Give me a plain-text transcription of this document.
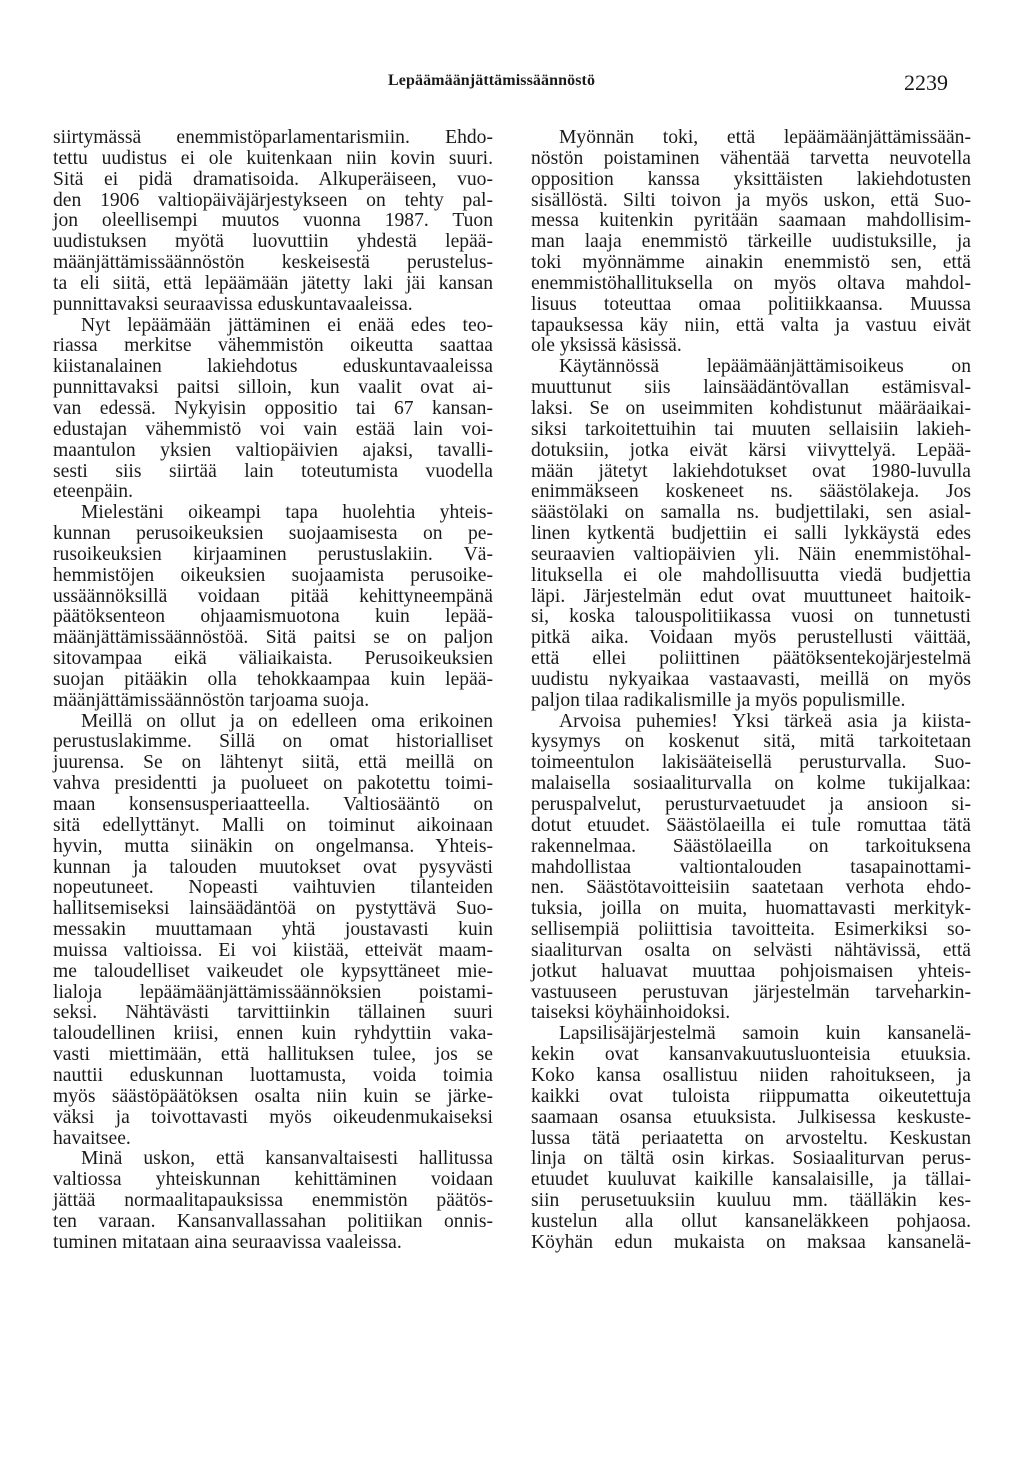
Lepäämäänjättämissäännöstö	2239
siirtymässä enemmistöparlamentarismiin. Ehdo-
tettu uudistus ei ole kuitenkaan niin kovin suuri.
Sitä ei pidä dramatisoida. Alkuperäiseen, vuo-
den 1906 valtiopäiväjärjestykseen on tehty pal-
jon oleellisempi muutos vuonna 1987. Tuon
uudistuksen myötä luovuttiin yhdestä lepää-
määnjättämissäännöstön keskeisestä perustelus-
ta eli siitä, että lepäämään jätetty laki jäi kansan
punnittavaksi seuraavissa eduskuntavaaleissa.
Nyt lepäämään jättäminen ei enää edes teo-
riassa merkitse vähemmistön oikeutta saattaa
kiistanalainen lakiehdotus eduskuntavaaleissa
punnittavaksi paitsi silloin, kun vaalit ovat ai-
van edessä. Nykyisin oppositio tai 67 kansan-
edustajan vähemmistö voi vain estää lain voi-
maantulon yksien valtiopäivien ajaksi, tavalli-
sesti siis siirtää lain toteutumista vuodella
eteenpäin.
Mielestäni oikeampi tapa huolehtia yhteis-
kunnan perusoikeuksien suojaamisesta on pe-
rusoikeuksien kirjaaminen perustuslakiin. Vä-
hemmistöjen oikeuksien suojaamista perusoike-
ussäännöksillä voidaan pitää kehittyneempänä
päätöksenteon ohjaamismuotona kuin lepää-
määnjättämissäännöstöä. Sitä paitsi se on paljon
sitovampaa eikä väliaikaista. Perusoikeuksien
suojan pitääkin olla tehokkaampaa kuin lepää-
määnjättämissäännöstön tarjoama suoja.
Meillä on ollut ja on edelleen oma erikoinen
perustuslakimme. Sillä on omat historialliset
juurensa. Se on lähtenyt siitä, että meillä on
vahva presidentti ja puolueet on pakotettu toimi-
maan konsensusperiaatteella. Valtiosääntö on
sitä edellyttänyt. Malli on toiminut aikoinaan
hyvin, mutta siinäkin on ongelmansa. Yhteis-
kunnan ja talouden muutokset ovat pysyvästi
nopeutuneet. Nopeasti vaihtuvien tilanteiden
hallitsemiseksi lainsäädäntöä on pystyttävä Suo-
messakin muuttamaan yhtä joustavasti kuin
muissa valtioissa. Ei voi kiistää, etteivät maam-
me taloudelliset vaikeudet ole kypsyttäneet mie-
lialoja lepäämäänjättämissäännöksien poistami-
seksi. Nähtävästi tarvittiinkin tällainen suuri
taloudellinen kriisi, ennen kuin ryhdyttiin vaka-
vasti miettimään, että hallituksen tulee, jos se
nauttii eduskunnan luottamusta, voida toimia
myös säästöpäätöksen osalta niin kuin se järke-
väksi ja toivottavasti myös oikeudenmukaiseksi
havaitsee.
Minä uskon, että kansanvaltaisesti hallitussa
valtiossa yhteiskunnan kehittäminen voidaan
jättää normaalitapauksissa enemmistön päätös-
ten varaan. Kansanvallassahan politiikan onnis-
tuminen mitataan aina seuraavissa vaaleissa.
Myönnän toki, että lepäämäänjättämissään-
nöstön poistaminen vähentää tarvetta neuvotella
opposition kanssa yksittäisten lakiehdotusten
sisällöstä. Silti toivon ja myös uskon, että Suo-
messa kuitenkin pyritään saamaan mahdollisim-
man laaja enemmistö tärkeille uudistuksille, ja
toki myönnämme ainakin enemmistö sen, että
enemmistöhallituksella on myös oltava mahdol-
lisuus toteuttaa omaa politiikkaansa. Muussa
tapauksessa käy niin, että valta ja vastuu eivät
ole yksissä käsissä.
Käytännössä lepäämäänjättämisoikeus on
muuttunut siis lainsäädäntövallan estämisval-
laksi. Se on useimmiten kohdistunut määräaikai-
siksi tarkoitettuihin tai muuten sellaisiin lakieh-
dotuksiin, jotka eivät kärsi viivyttelyä. Lepää-
mään jätetyt lakiehdotukset ovat 1980-luvulla
enimmäkseen koskeneet ns. säästölakeja. Jos
säästölaki on samalla ns. budjettilaki, sen asial-
linen kytkentä budjettiin ei salli lykkäystä edes
seuraavien valtiopäivien yli. Näin enemmistöhal-
lituksella ei ole mahdollisuutta viedä budjettia
läpi. Järjestelmän edut ovat muuttuneet haitoik-
si, koska talouspolitiikassa vuosi on tunnetusti
pitkä aika. Voidaan myös perustellusti väittää,
että ellei poliittinen päätöksentekojärjestelmä
uudistu nykyaikaa vastaavasti, meillä on myös
paljon tilaa radikalismille ja myös populismille.
Arvoisa puhemies! Yksi tärkeä asia ja kiista-
kysymys on koskenut sitä, mitä tarkoitetaan
toimeentulon lakisääteisellä perusturvalla. Suo-
malaisella sosiaaliturvalla on kolme tukijalkaa:
peruspalvelut, perusturvaetuudet ja ansioon si-
dotut etuudet. Säästölaeilla ei tule romuttaa tätä
rakennelmaa. Säästölaeilla on tarkoituksena
mahdollistaa valtiontalouden tasapainottami-
nen. Säästötavoitteisiin saatetaan verhota ehdo-
tuksia, joilla on muita, huomattavasti merkityk-
sellisempiä poliittisia tavoitteita. Esimerkiksi so-
siaaliturvan osalta on selvästi nähtävissä, että
jotkut haluavat muuttaa pohjoismaisen yhteis-
vastuuseen perustuvan järjestelmän tarveharkin-
taiseksi köyhäinhoidoksi.
Lapsilisäjärjestelmä samoin kuin kansanelä-
kekin ovat kansanvakuutusluonteisia etuuksia.
Koko kansa osallistuu niiden rahoitukseen, ja
kaikki ovat tuloista riippumatta oikeutettuja
saamaan osansa etuuksista. Julkisessa keskuste-
lussa tätä periaatetta on arvosteltu. Keskustan
linja on tältä osin kirkas. Sosiaaliturvan perus-
etuudet kuuluvat kaikille kansalaisille, ja tällai-
siin perusetuuksiin kuuluu mm. täälläkin kes-
kustelun alla ollut kansaneläkkeen pohjaosa.
Köyhän edun mukaista on maksaa kansanelä-
